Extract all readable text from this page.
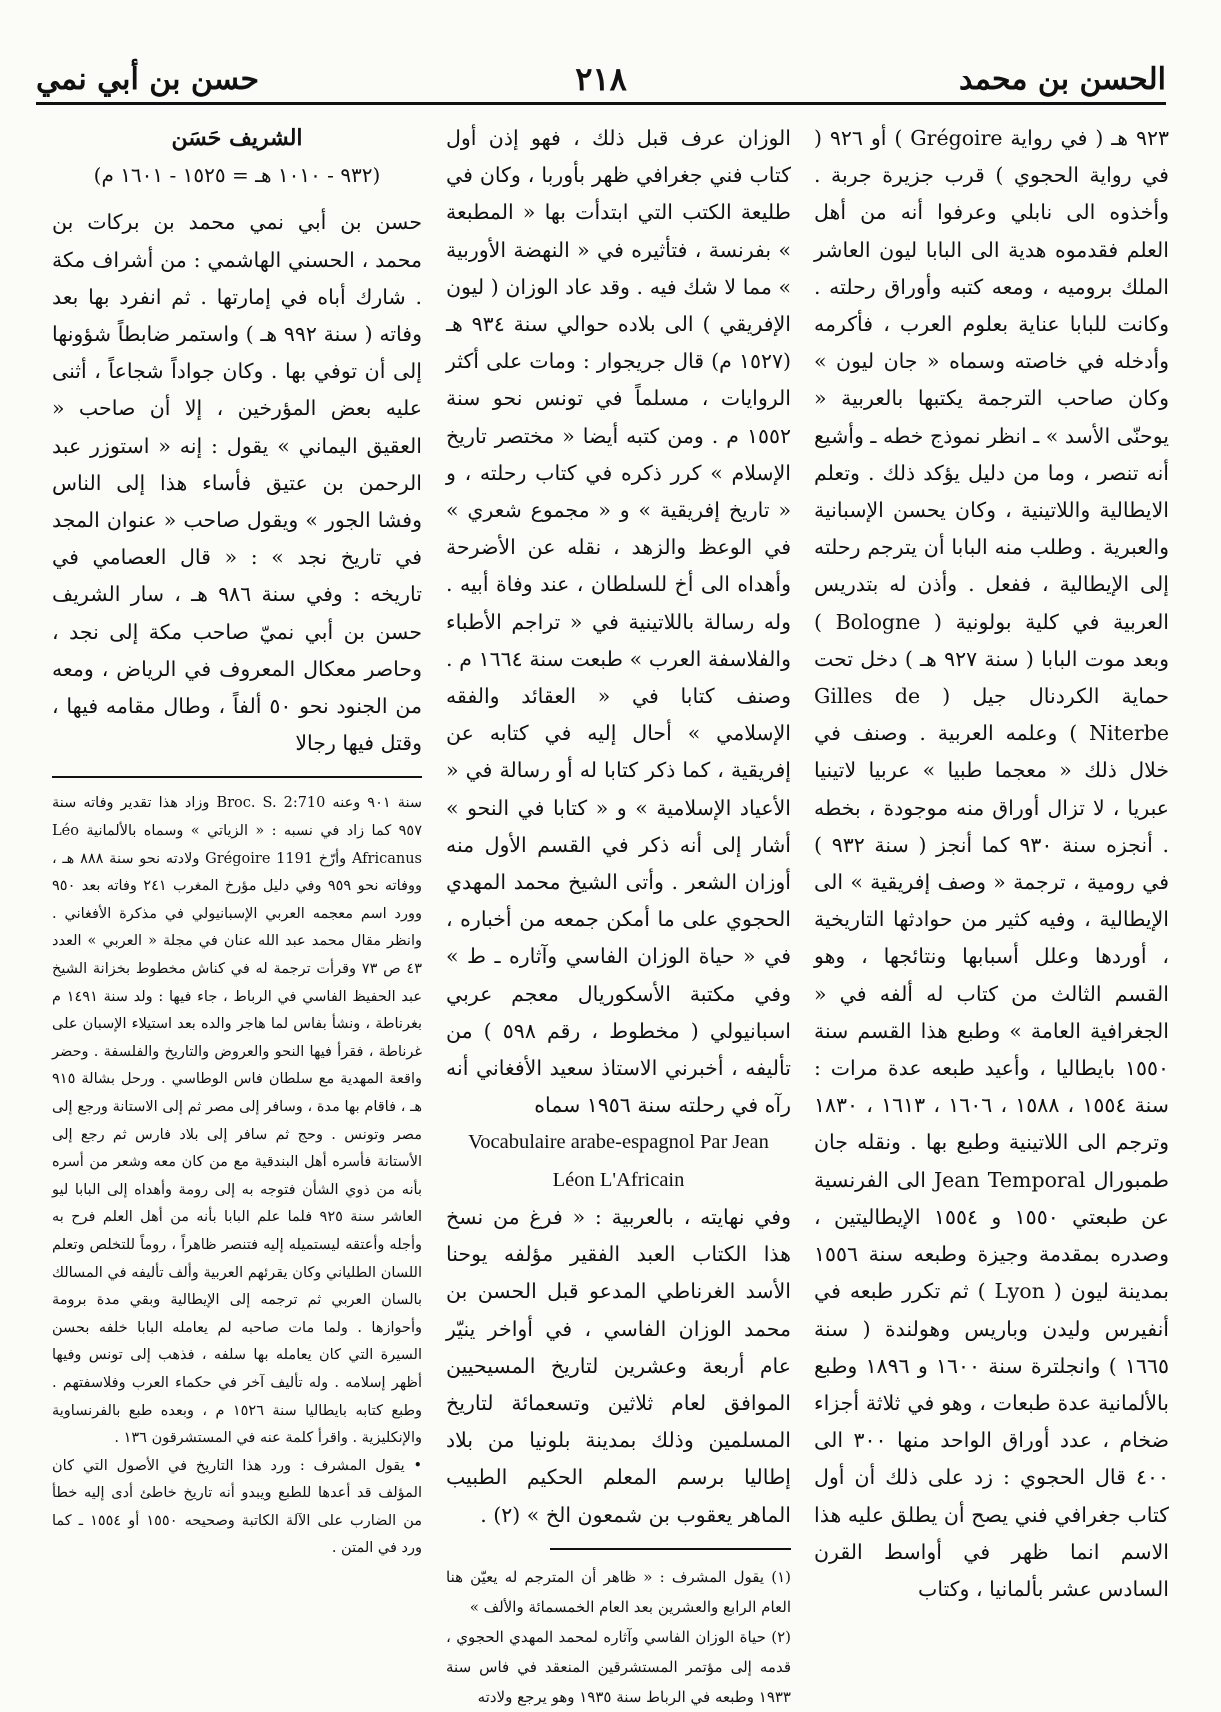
الحسن بن محمد
٢١٨
حسن بن أبي نمي

٩٢٣ هـ ( في رواية Grégoire ) أو ٩٢٦ ( في رواية الحجوي ) قرب جزيرة جربة . وأخذوه الى نابلي وعرفوا أنه من أهل العلم فقدموه هدية الى البابا ليون العاشر الملك بروميه ، ومعه كتبه وأوراق رحلته . وكانت للبابا عناية بعلوم العرب ، فأكرمه وأدخله في خاصته وسماه « جان ليون » وكان صاحب الترجمة يكتبها بالعربية « يوحنّى الأسد » ـ انظر نموذج خطه ـ وأشيع أنه تنصر ، وما من دليل يؤكد ذلك . وتعلم الايطالية واللاتينية ، وكان يحسن الإسبانية والعبرية . وطلب منه البابا أن يترجم رحلته إلى الإيطالية ، ففعل . وأذن له بتدريس العربية في كلية بولونية ( Bologne ) وبعد موت البابا ( سنة ٩٢٧ هـ ) دخل تحت حماية الكردنال جيل ( Gilles de Niterbe ) وعلمه العربية . وصنف في خلال ذلك « معجما طبيا » عربيا لاتينيا عبريا ، لا تزال أوراق منه موجودة ، بخطه . أنجزه سنة ٩٣٠ كما أنجز ( سنة ٩٣٢ ) في رومية ، ترجمة « وصف إفريقية » الى الإيطالية ، وفيه كثير من حوادثها التاريخية ، أوردها وعلل أسبابها ونتائجها ، وهو القسم الثالث من كتاب له ألفه في « الجغرافية العامة » وطبع هذا القسم سنة ١٥٥٠ بايطاليا ، وأعيد طبعه عدة مرات : سنة ١٥٥٤ ، ١٥٨٨ ، ١٦٠٦ ، ١٦١٣ ، ١٨٣٠ وترجم الى اللاتينية وطبع بها . ونقله جان طمبورال Jean Temporal الى الفرنسية عن طبعتي ١٥٥٠ و ١٥٥٤ الإيطاليتين ، وصدره بمقدمة وجيزة وطبعه سنة ١٥٥٦ بمدينة ليون ( Lyon ) ثم تكرر طبعه في أنفيرس وليدن وباريس وهولندة ( سنة ١٦٦٥ ) وانجلترة سنة ١٦٠٠ و ١٨٩٦ وطبع بالألمانية عدة طبعات ، وهو في ثلاثة أجزاء ضخام ، عدد أوراق الواحد منها ٣٠٠ الى ٤٠٠ قال الحجوي : زد على ذلك أن أول كتاب جغرافي فني يصح أن يطلق عليه هذا الاسم انما ظهر في أواسط القرن السادس عشر بألمانيا ، وكتاب

الوزان عرف قبل ذلك ، فهو إذن أول كتاب فني جغرافي ظهر بأوربا ، وكان في طليعة الكتب التي ابتدأت بها « المطبعة » بفرنسة ، فتأثيره في « النهضة الأوربية » مما لا شك فيه . وقد عاد الوزان ( ليون الإفريقي ) الى بلاده حوالي سنة ٩٣٤ هـ (١٥٢٧ م) قال جريجوار : ومات على أكثر الروايات ، مسلماً في تونس نحو سنة ١٥٥٢ م . ومن كتبه أيضا « مختصر تاريخ الإسلام » كرر ذكره في كتاب رحلته ، و « تاريخ إفريقية » و « مجموع شعري » في الوعظ والزهد ، نقله عن الأضرحة وأهداه الى أخ للسلطان ، عند وفاة أبيه . وله رسالة باللاتينية في « تراجم الأطباء والفلاسفة العرب » طبعت سنة ١٦٦٤ م . وصنف كتابا في « العقائد والفقه الإسلامي » أحال إليه في كتابه عن إفريقية ، كما ذكر كتابا له أو رسالة في « الأعياد الإسلامية » و « كتابا في النحو » أشار إلى أنه ذكر في القسم الأول منه أوزان الشعر . وأتى الشيخ محمد المهدي الحجوي على ما أمكن جمعه من أخباره ، في « حياة الوزان الفاسي وآثاره ـ ط » وفي مكتبة الأسكوريال معجم عربي اسبانيولي ( مخطوط ، رقم ٥٩٨ ) من تأليفه ، أخبرني الاستاذ سعيد الأفغاني أنه رآه في رحلته سنة ١٩٥٦ سماه

Vocabulaire arabe-espagnol Par Jean Léon L'Africain

وفي نهايته ، بالعربية : « فرغ من نسخ هذا الكتاب العبد الفقير مؤلفه يوحنا الأسد الغرناطي المدعو قبل الحسن بن محمد الوزان الفاسي ، في أواخر ينيّر عام أربعة وعشرين لتاريخ المسيحيين الموافق لعام ثلاثين وتسعمائة لتاريخ المسلمين وذلك بمدينة بلونيا من بلاد إطاليا برسم المعلم الحكيم الطبيب الماهر يعقوب بن شمعون الخ » (٢) .

(١) يقول المشرف : « ظاهر أن المترجم له يعيّن هنا العام الرابع والعشرين بعد العام الخمسمائة والألف »

(٢) حياة الوزان الفاسي وآثاره لمحمد المهدي الحجوي ، قدمه إلى مؤتمر المستشرقين المنعقد في فاس سنة ١٩٣٣ وطبعه في الرباط سنة ١٩٣٥ وهو يرجع ولادته

الشريف حَسَن
(٩٣٢ - ١٠١٠ هـ = ١٥٢٥ - ١٦٠١ م)

حسن بن أبي نمي محمد بن بركات بن محمد ، الحسني الهاشمي : من أشراف مكة . شارك أباه في إمارتها . ثم انفرد بها بعد وفاته ( سنة ٩٩٢ هـ ) واستمر ضابطاً شؤونها إلى أن توفي بها . وكان جواداً شجاعاً ، أثنى عليه بعض المؤرخين ، إلا أن صاحب « العقيق اليماني » يقول : إنه « استوزر عبد الرحمن بن عتيق فأساء هذا إلى الناس وفشا الجور » ويقول صاحب « عنوان المجد في تاريخ نجد » : « قال العصامي في تاريخه : وفي سنة ٩٨٦ هـ ، سار الشريف حسن بن أبي نميّ صاحب مكة إلى نجد ، وحاصر معكال المعروف في الرياض ، ومعه من الجنود نحو ٥٠ ألفاً ، وطال مقامه فيها ، وقتل فيها رجالا

سنة ٩٠١ وعنه Broc. S. 2:710 وزاد هذا تقدير وفاته سنة ٩٥٧ كما زاد في نسبه : « الزياتي » وسماه بالألمانية Léo Africanus وأرّخ Grégoire 1191 ولادته نحو سنة ٨٨٨ هـ ، ووفاته نحو ٩٥٩ وفي دليل مؤرخ المغرب ٢٤١ وفاته بعد ٩٥٠ وورد اسم معجمه العربي الإسبانيولي في مذكرة الأفغاني . وانظر مقال محمد عبد الله عنان في مجلة « العربي » العدد ٤٣ ص ٧٣ وقرأت ترجمة له في كناش مخطوط بخزانة الشيخ عبد الحفيظ الفاسي في الرباط ، جاء فيها : ولد سنة ١٤٩١ م بغرناطة ، ونشأ بفاس لما هاجر والده بعد استيلاء الإسبان على غرناطة ، فقرأ فيها النحو والعروض والتاريخ والفلسفة . وحضر واقعة المهدية مع سلطان فاس الوطاسي . ورحل بشالة ٩١٥ هـ ، فاقام بها مدة ، وسافر إلى مصر ثم إلى الاستانة ورجع إلى مصر وتونس . وحج ثم سافر إلى بلاد فارس ثم رجع إلى الأستانة فأسره أهل البندقية مع من كان معه وشعر من أسره بأنه من ذوي الشأن فتوجه به إلى رومة وأهداه إلى البابا ليو العاشر سنة ٩٢٥ فلما علم البابا بأنه من أهل العلم فرح به وأجله وأعتقه ليستميله إليه فتنصر ظاهراً ، روماً للتخلص وتعلم اللسان الطلياني وكان يقرئهم العربية وألف تأليفه في المسالك بالسان العربي ثم ترجمه إلى الإيطالية وبقي مدة برومة وأحوازها . ولما مات صاحبه لم يعامله البابا خلفه بحسن السيرة التي كان يعامله بها سلفه ، فذهب إلى تونس وفيها أظهر إسلامه . وله تأليف آخر في حكماء العرب وفلاسفتهم . وطبع كتابه بايطاليا سنة ١٥٢٦ م ، وبعده طبع بالفرنساوية والإنكليزية . واقرأ كلمة عنه في المستشرقون ١٣٦ .

• يقول المشرف : ورد هذا التاريخ في الأصول التي كان المؤلف قد أعدها للطبع ويبدو أنه تاريخ خاطئ أدى إليه خطأ من الضارب على الآلة الكاتبة وصحيحه ١٥٥٠ أو ١٥٥٤ ـ كما ورد في المتن .
